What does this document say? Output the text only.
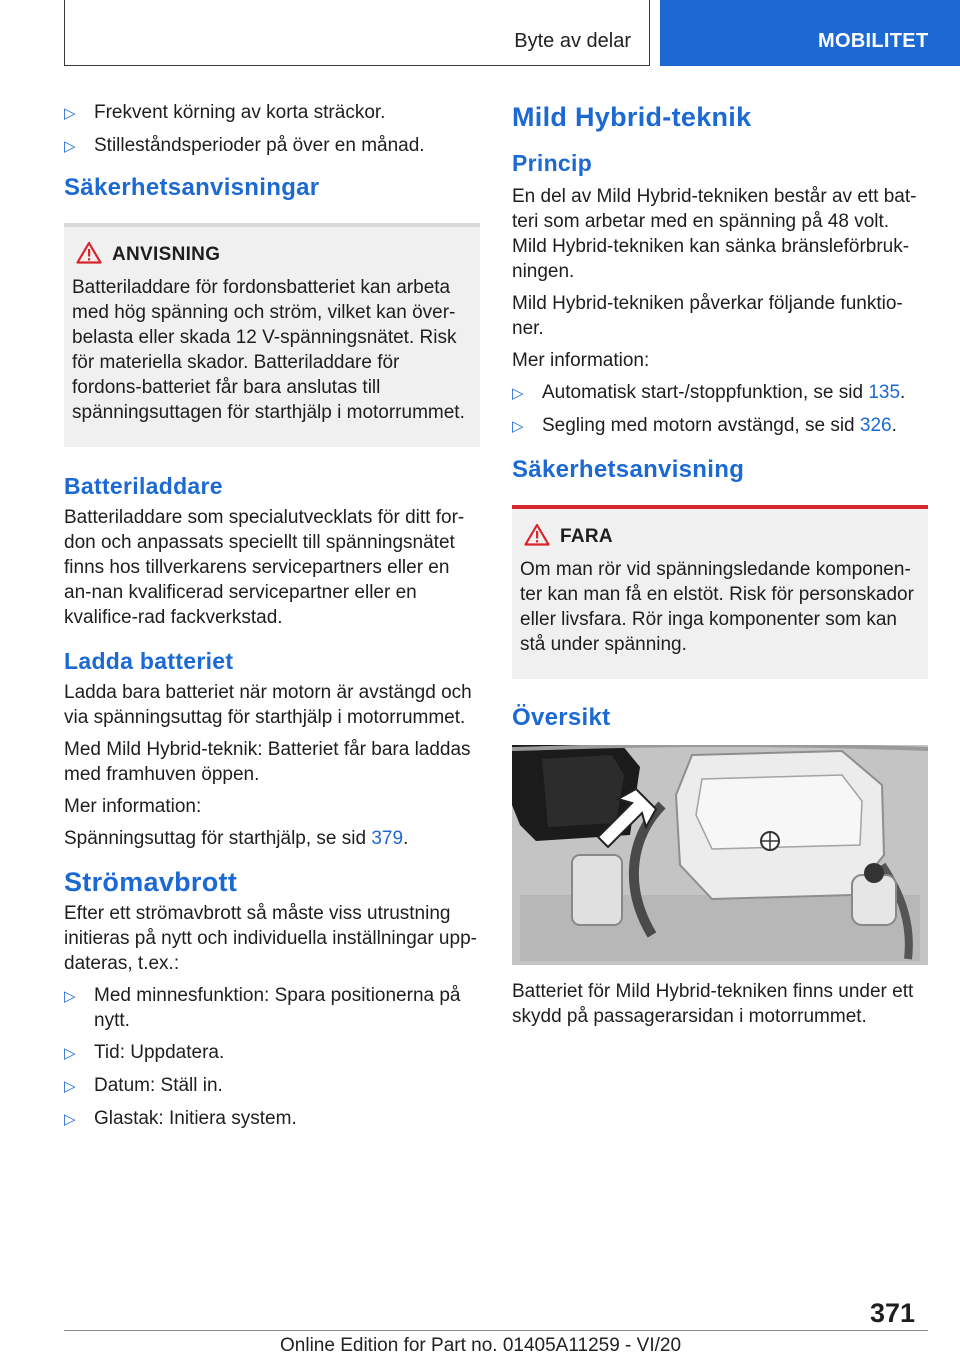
Byte av delar	MOBILITET
▷ Frekvent körning av korta sträckor.
▷ Stilleståndsperioder på över en månad.
Säkerhetsanvisningar
ANVISNING

Batteriladdare för fordonsbatteriet kan arbeta med hög spänning och ström, vilket kan över-belasta eller skada 12 V-spänningsnätet. Risk för materiella skador. Batteriladdare för fordons-batteriet får bara anslutas till spänningsuttagen för starthjälp i motorrummet.

Batteriladdare

Batteriladdare som specialutvecklats för ditt for-don och anpassats speciellt till spänningsnätet finns hos tillverkarens servicepartners eller en an-nan kvalificerad servicepartner eller en kvalifice-rad fackverkstad.

Ladda batteriet

Ladda bara batteriet när motorn är avstängd och via spänningsuttag för starthjälp i motorrummet.

Med Mild Hybrid-teknik: Batteriet får bara laddas med framhuven öppen.

Mer information:

Spänningsuttag för starthjälp, se sid 379.

Strömavbrott

Efter ett strömavbrott så måste viss utrustning initieras på nytt och individuella inställningar upp-dateras, t.ex.:

▷ Med minnesfunktion: Spara positionerna på nytt.
▷ Tid: Uppdatera.
▷ Datum: Ställ in.
▷ Glastak: Initiera system.
Mild Hybrid-teknik
Princip

En del av Mild Hybrid-tekniken består av ett bat-teri som arbetar med en spänning på 48 volt. Mild Hybrid-tekniken kan sänka bränsleförbruk-ningen.

Mild Hybrid-tekniken påverkar följande funktio-ner.

Mer information:

▷ Automatisk start-/stoppfunktion, se sid 135.
▷ Segling med motorn avstängd, se sid 326.
Säkerhetsanvisning
FARA

Om man rör vid spänningsledande komponen-ter kan man få en elstöt. Risk för personskador eller livsfara. Rör inga komponenter som kan stå under spänning.

Översikt

Batteriet för Mild Hybrid-tekniken finns under ett skydd på passagerarsidan i motorrummet.

371
Online Edition for Part no. 01405A11259 - VI/20
